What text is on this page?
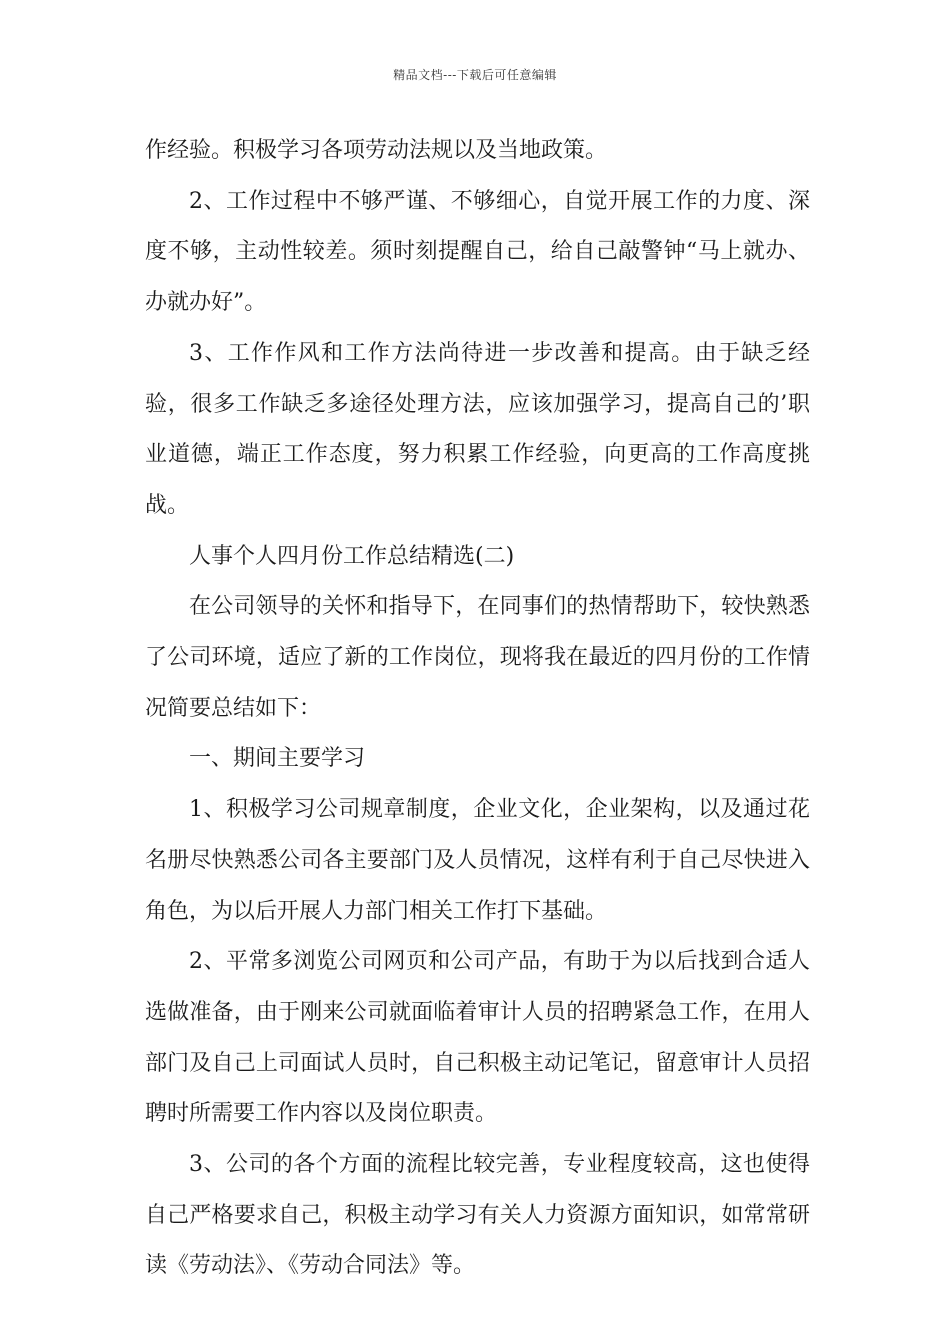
精品文档---下载后可任意编辑

作经验。积极学习各项劳动法规以及当地政策。

2、工作过程中不够严谨、不够细心，自觉开展工作的力度、深度不够，主动性较差。须时刻提醒自己，给自己敲警钟“马上就办、办就办好”。

3、工作作风和工作方法尚待进一步改善和提高。由于缺乏经验，很多工作缺乏多途径处理方法，应该加强学习，提高自己的’职业道德，端正工作态度，努力积累工作经验，向更高的工作高度挑战。

人事个人四月份工作总结精选(二)

在公司领导的关怀和指导下，在同事们的热情帮助下，较快熟悉了公司环境，适应了新的工作岗位，现将我在最近的四月份的工作情况简要总结如下：

一、期间主要学习

1、积极学习公司规章制度，企业文化，企业架构，以及通过花名册尽快熟悉公司各主要部门及人员情况，这样有利于自己尽快进入角色，为以后开展人力部门相关工作打下基础。

2、平常多浏览公司网页和公司产品，有助于为以后找到合适人选做准备，由于刚来公司就面临着审计人员的招聘紧急工作，在用人部门及自己上司面试人员时，自己积极主动记笔记，留意审计人员招聘时所需要工作内容以及岗位职责。

3、公司的各个方面的流程比较完善，专业程度较高，这也使得自己严格要求自己，积极主动学习有关人力资源方面知识，如常常研读《劳动法》、《劳动合同法》等。
